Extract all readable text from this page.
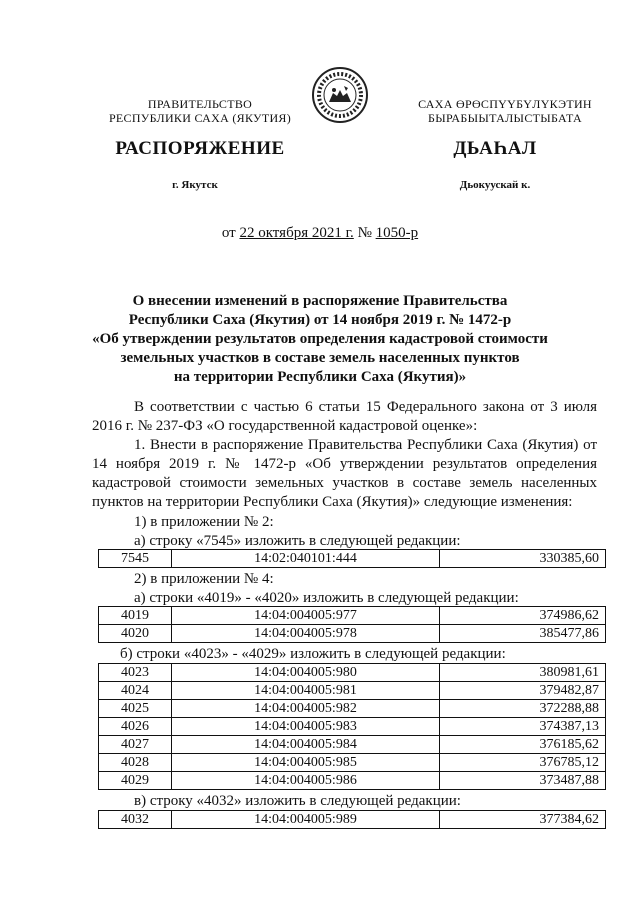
ПРАВИТЕЛЬСТВО
РЕСПУБЛИКИ САХА (ЯКУТИЯ)
САХА ӨРӨСПҮҮБҮЛҮКЭТИН
БЫРАБЫЫТАЛЫСТЫБАТА
РАСПОРЯЖЕНИЕ	ДЬАҺАЛ
г. Якутск	Дьокуускай к.
от 22 октября 2021 г. № 1050-р
О внесении изменений в распоряжение Правительства
Республики Саха (Якутия) от 14 ноября 2019 г. № 1472-р
«Об утверждении результатов определения кадастровой стоимости
земельных участков в составе земель населенных пунктов
на территории Республики Саха (Якутия)»
В соответствии с частью 6 статьи 15 Федерального закона от 3 июля 2016 г. № 237-ФЗ «О государственной кадастровой оценке»:
1. Внести в распоряжение Правительства Республики Саха (Якутия) от 14 ноября 2019 г. № 1472-р «Об утверждении результатов определения кадастровой стоимости земельных участков в составе земель населенных пунктов на территории Республики Саха (Якутия)» следующие изменения:
1) в приложении № 2:
а) строку «7545» изложить в следующей редакции:
7545	14:02:040101:444	330385,60
2) в приложении № 4:
а) строки «4019» - «4020» изложить в следующей редакции:
4019	14:04:004005:977	374986,62
4020	14:04:004005:978	385477,86
б) строки «4023» - «4029» изложить в следующей редакции:
4023	14:04:004005:980	380981,61
4024	14:04:004005:981	379482,87
4025	14:04:004005:982	372288,88
4026	14:04:004005:983	374387,13
4027	14:04:004005:984	376185,62
4028	14:04:004005:985	376785,12
4029	14:04:004005:986	373487,88
в) строку «4032» изложить в следующей редакции:
4032	14:04:004005:989	377384,62
